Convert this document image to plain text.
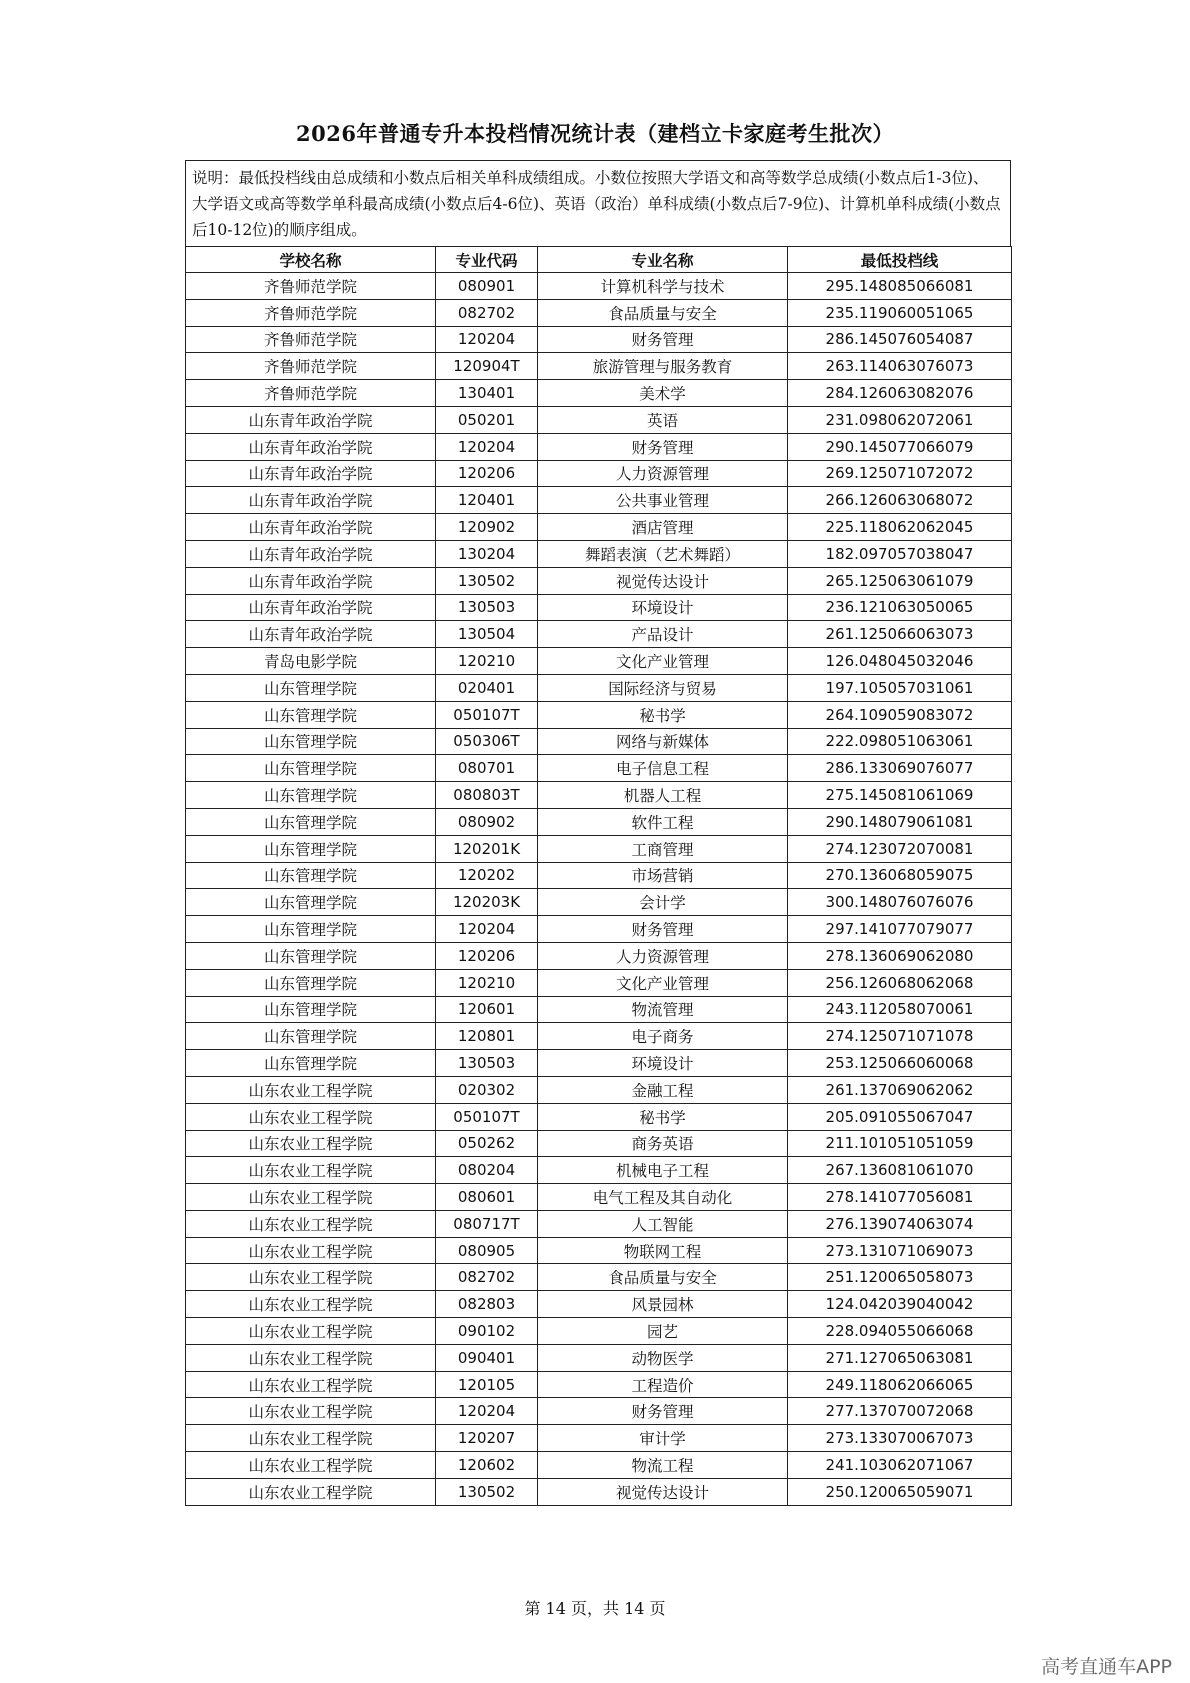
2026年普通专升本投档情况统计表（建档立卡家庭考生批次）
说明：最低投档线由总成绩和小数点后相关单科成绩组成。小数位按照大学语文和高等数学总成绩(小数点后1-3位)、大学语文或高等数学单科最高成绩(小数点后4-6位)、英语（政治）单科成绩(小数点后7-9位)、计算机单科成绩(小数点后10-12位)的顺序组成。
学校名称	专业代码	专业名称	最低投档线
齐鲁师范学院	080901	计算机科学与技术	295.148085066081
齐鲁师范学院	082702	食品质量与安全	235.119060051065
齐鲁师范学院	120204	财务管理	286.145076054087
齐鲁师范学院	120904T	旅游管理与服务教育	263.114063076073
齐鲁师范学院	130401	美术学	284.126063082076
山东青年政治学院	050201	英语	231.098062072061
山东青年政治学院	120204	财务管理	290.145077066079
山东青年政治学院	120206	人力资源管理	269.125071072072
山东青年政治学院	120401	公共事业管理	266.126063068072
山东青年政治学院	120902	酒店管理	225.118062062045
山东青年政治学院	130204	舞蹈表演（艺术舞蹈）	182.097057038047
山东青年政治学院	130502	视觉传达设计	265.125063061079
山东青年政治学院	130503	环境设计	236.121063050065
山东青年政治学院	130504	产品设计	261.125066063073
青岛电影学院	120210	文化产业管理	126.048045032046
山东管理学院	020401	国际经济与贸易	197.105057031061
山东管理学院	050107T	秘书学	264.109059083072
山东管理学院	050306T	网络与新媒体	222.098051063061
山东管理学院	080701	电子信息工程	286.133069076077
山东管理学院	080803T	机器人工程	275.145081061069
山东管理学院	080902	软件工程	290.148079061081
山东管理学院	120201K	工商管理	274.123072070081
山东管理学院	120202	市场营销	270.136068059075
山东管理学院	120203K	会计学	300.148076076076
山东管理学院	120204	财务管理	297.141077079077
山东管理学院	120206	人力资源管理	278.136069062080
山东管理学院	120210	文化产业管理	256.126068062068
山东管理学院	120601	物流管理	243.112058070061
山东管理学院	120801	电子商务	274.125071071078
山东管理学院	130503	环境设计	253.125066060068
山东农业工程学院	020302	金融工程	261.137069062062
山东农业工程学院	050107T	秘书学	205.091055067047
山东农业工程学院	050262	商务英语	211.101051051059
山东农业工程学院	080204	机械电子工程	267.136081061070
山东农业工程学院	080601	电气工程及其自动化	278.141077056081
山东农业工程学院	080717T	人工智能	276.139074063074
山东农业工程学院	080905	物联网工程	273.131071069073
山东农业工程学院	082702	食品质量与安全	251.120065058073
山东农业工程学院	082803	风景园林	124.042039040042
山东农业工程学院	090102	园艺	228.094055066068
山东农业工程学院	090401	动物医学	271.127065063081
山东农业工程学院	120105	工程造价	249.118062066065
山东农业工程学院	120204	财务管理	277.137070072068
山东农业工程学院	120207	审计学	273.133070067073
山东农业工程学院	120602	物流工程	241.103062071067
山东农业工程学院	130502	视觉传达设计	250.120065059071
第 14 页，共 14 页
高考直通车APP
